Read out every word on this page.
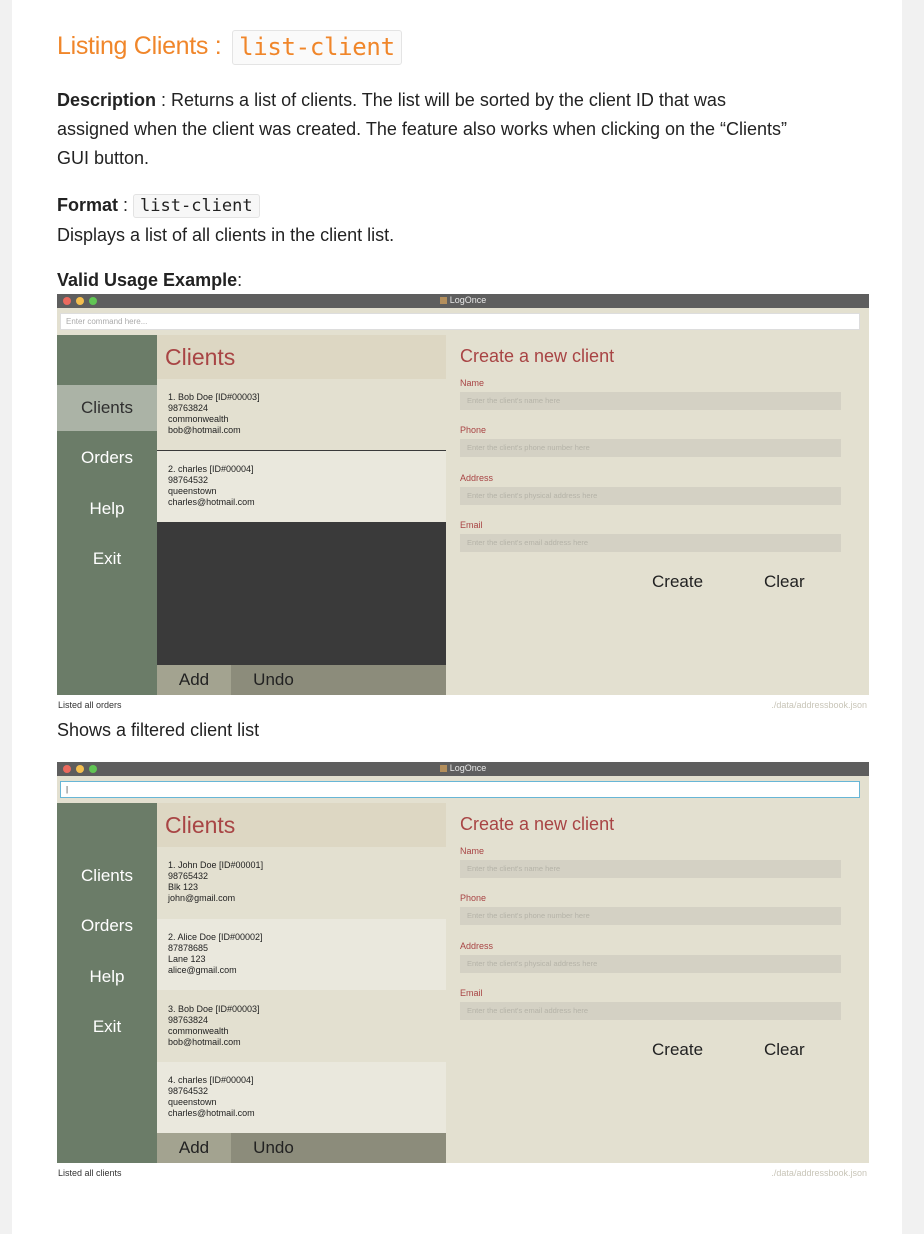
Listing Clients : list-client

Description : Returns a list of clients. The list will be sorted by the client ID that was
assigned when the client was created. The feature also works when clicking on the “Clients”
GUI button.

Format : list-client
Displays a list of all clients in the client list.

Valid Usage Example:

Shows a filtered client list

LogOnce
Enter command here...
Clients
Orders
Help
Exit
Clients
1. Bob Doe [ID#00003]
98763824
commonwealth
bob@hotmail.com
2. charles [ID#00004]
98764532
queenstown
charles@hotmail.com
Add	Undo
Create a new client
Name
Enter the client's name here
Phone
Enter the client's phone number here
Address
Enter the client's physical address here
Email
Enter the client's email address here
Create	Clear
Listed all orders	./data/addressbook.json
LogOnce
|
Clients
Orders
Help
Exit
Clients
1. John Doe [ID#00001]
98765432
Blk 123
john@gmail.com
2. Alice Doe [ID#00002]
87878685
Lane 123
alice@gmail.com
3. Bob Doe [ID#00003]
98763824
commonwealth
bob@hotmail.com
4. charles [ID#00004]
98764532
queenstown
charles@hotmail.com
Add	Undo
Create a new client
Name
Enter the client's name here
Phone
Enter the client's phone number here
Address
Enter the client's physical address here
Email
Enter the client's email address here
Create	Clear
Listed all clients	./data/addressbook.json
